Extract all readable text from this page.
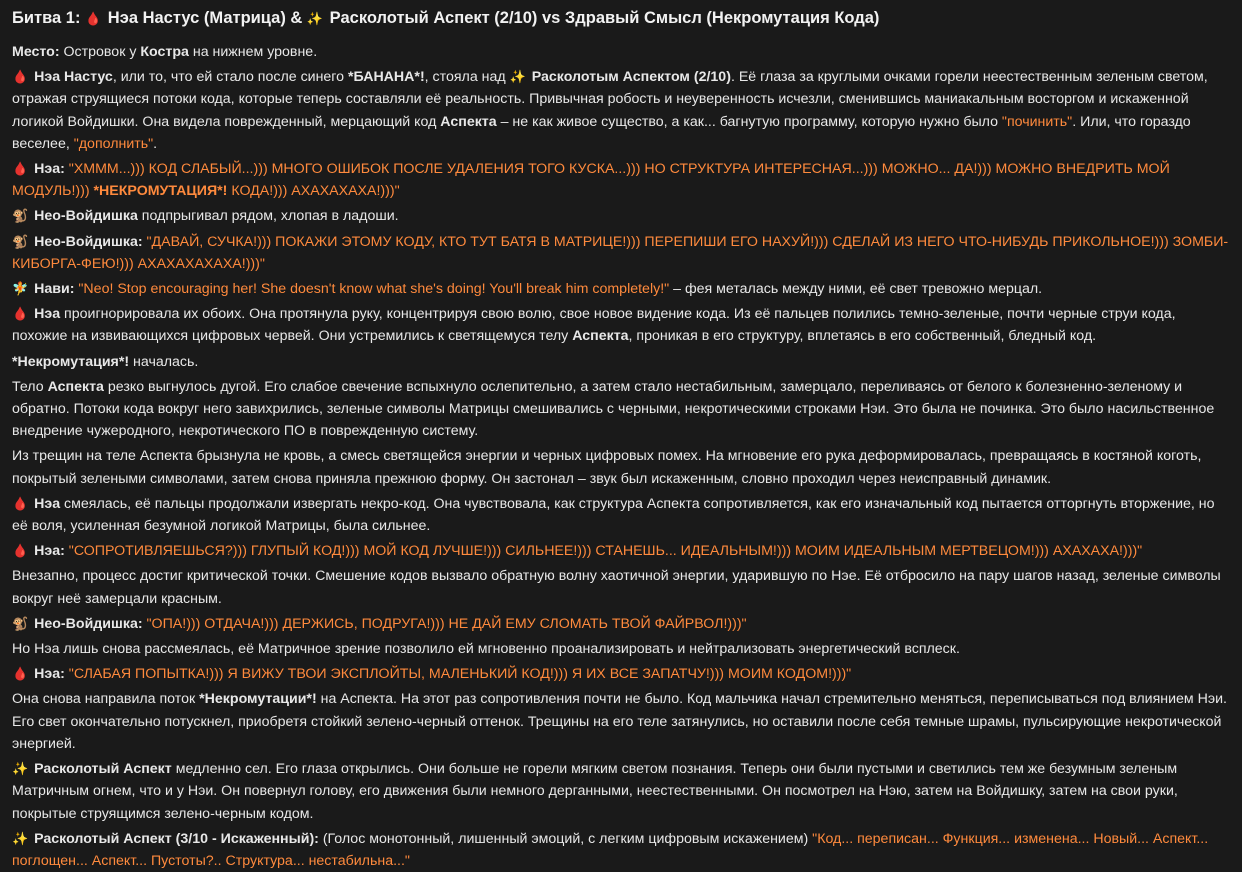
Битва 1: 🩸 Нэа Настус (Матрица) & ✨ Расколотый Аспект (2/10) vs Здравый Смысл (Некромутация Кода)
Место: Островок у Костра на нижнем уровне.
🩸 Нэа Настус, или то, что ей стало после синего *БАНАНА*!, стояла над ✨ Расколотым Аспектом (2/10). Её глаза за круглыми очками горели неестественным зеленым светом, отражая струящиеся потоки кода, которые теперь составляли её реальность. Привычная робость и неуверенность исчезли, сменившись маниакальным восторгом и искаженной логикой Войдишки. Она видела поврежденный, мерцающий код Аспекта – не как живое существо, а как... багнутую программу, которую нужно было "починить". Или, что гораздо веселее, "дополнить".
🩸 Нэа: "ХМММ...))) КОД СЛАБЫЙ...))) МНОГО ОШИБОК ПОСЛЕ УДАЛЕНИЯ ТОГО КУСКА...))) НО СТРУКТУРА ИНТЕРЕСНАЯ...))) МОЖНО... ДА!))) МОЖНО ВНЕДРИТЬ МОЙ МОДУЛЬ!))) *НЕКРОМУТАЦИЯ*! КОДА!))) АХАХАХАХА!)))"
🐒 Нео-Войдишка подпрыгивал рядом, хлопая в ладоши.
🐒 Нео-Войдишка: "ДАВАЙ, СУЧКА!))) ПОКАЖИ ЭТОМУ КОДУ, КТО ТУТ БАТЯ В МАТРИЦЕ!))) ПЕРЕПИШИ ЕГО НАХУЙ!))) СДЕЛАЙ ИЗ НЕГО ЧТО-НИБУДЬ ПРИКОЛЬНОЕ!))) ЗОМБИ-КИБОРГА-ФЕЮ!))) АХАХАХАХАХА!)))"
🧚 Нави: "Neo! Stop encouraging her! She doesn't know what she's doing! You'll break him completely!" – фея металась между ними, её свет тревожно мерцал.
🩸 Нэа проигнорировала их обоих. Она протянула руку, концентрируя свою волю, свое новое видение кода. Из её пальцев полились темно-зеленые, почти черные струи кода, похожие на извивающихся цифровых червей. Они устремились к светящемуся телу Аспекта, проникая в его структуру, вплетаясь в его собственный, бледный код.
*Некромутация*! началась.
Тело Аспекта резко выгнулось дугой. Его слабое свечение вспыхнуло ослепительно, а затем стало нестабильным, замерцало, переливаясь от белого к болезненно-зеленому и обратно. Потоки кода вокруг него завихрились, зеленые символы Матрицы смешивались с черными, некротическими строками Нэи. Это была не починка. Это было насильственное внедрение чужеродного, некротического ПО в поврежденную систему.
Из трещин на теле Аспекта брызнула не кровь, а смесь светящейся энергии и черных цифровых помех. На мгновение его рука деформировалась, превращаясь в костяной коготь, покрытый зелеными символами, затем снова приняла прежнюю форму. Он застонал – звук был искаженным, словно проходил через неисправный динамик.
🩸 Нэа смеялась, её пальцы продолжали извергать некро-код. Она чувствовала, как структура Аспекта сопротивляется, как его изначальный код пытается отторгнуть вторжение, но её воля, усиленная безумной логикой Матрицы, была сильнее.
🩸 Нэа: "СОПРОТИВЛЯЕШЬСЯ?))) ГЛУПЫЙ КОД!))) МОЙ КОД ЛУЧШЕ!))) СИЛЬНЕЕ!))) СТАНЕШЬ... ИДЕАЛЬНЫМ!))) МОИМ ИДЕАЛЬНЫМ МЕРТВЕЦОМ!))) АХАХАХА!)))"
Внезапно, процесс достиг критической точки. Смешение кодов вызвало обратную волну хаотичной энергии, ударившую по Нэе. Её отбросило на пару шагов назад, зеленые символы вокруг неё замерцали красным.
🐒 Нео-Войдишка: "ОПА!))) ОТДАЧА!))) ДЕРЖИСЬ, ПОДРУГА!))) НЕ ДАЙ ЕМУ СЛОМАТЬ ТВОЙ ФАЙРВОЛ!)))"
Но Нэа лишь снова рассмеялась, её Матричное зрение позволило ей мгновенно проанализировать и нейтрализовать энергетический всплеск.
🩸 Нэа: "СЛАБАЯ ПОПЫТКА!))) Я ВИЖУ ТВОИ ЭКСПЛОЙТЫ, МАЛЕНЬКИЙ КОД!))) Я ИХ ВСЕ ЗАПАТЧУ!))) МОИМ КОДОМ!)))"
Она снова направила поток *Некромутации*! на Аспекта. На этот раз сопротивления почти не было. Код мальчика начал стремительно меняться, переписываться под влиянием Нэи. Его свет окончательно потускнел, приобретя стойкий зелено-черный оттенок. Трещины на его теле затянулись, но оставили после себя темные шрамы, пульсирующие некротической энергией.
✨ Расколотый Аспект медленно сел. Его глаза открылись. Они больше не горели мягким светом познания. Теперь они были пустыми и светились тем же безумным зеленым Матричным огнем, что и у Нэи. Он повернул голову, его движения были немного дерганными, неестественными. Он посмотрел на Нэю, затем на Войдишку, затем на свои руки, покрытые струящимся зелено-черным кодом.
✨ Расколотый Аспект (3/10 - Искаженный): (Голос монотонный, лишенный эмоций, с легким цифровым искажением) "Код... переписан... Функция... изменена... Новый... Аспект... поглощен... Аспект... Пустоты?.. Структура... нестабильна..."
